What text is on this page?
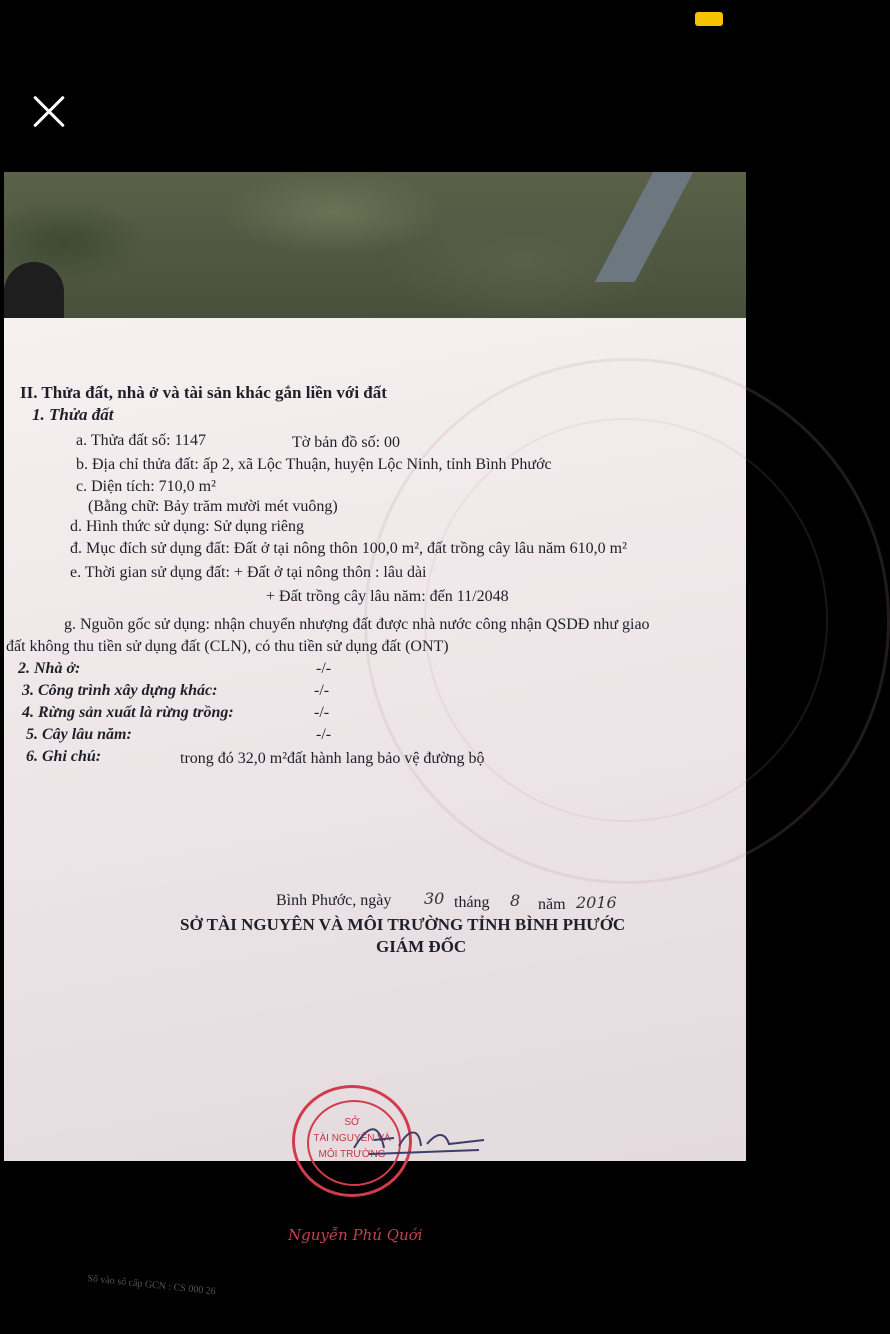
II. Thửa đất, nhà ở và tài sản khác gắn liền với đất
1. Thửa đất
a. Thửa đất số: 1147	Tờ bản đồ số: 00
b. Địa chỉ thửa đất: ấp 2, xã Lộc Thuận, huyện Lộc Ninh, tỉnh Bình Phước
c. Diện tích: 710,0 m²
(Bằng chữ: Bảy trăm mười mét vuông)
d. Hình thức sử dụng: Sử dụng riêng
đ. Mục đích sử dụng đất: Đất ở tại nông thôn 100,0 m², đất trồng cây lâu năm 610,0 m²
e. Thời gian sử dụng đất: + Đất ở tại nông thôn : lâu dài
+ Đất trồng cây lâu năm: đến 11/2048
g. Nguồn gốc sử dụng: nhận chuyển nhượng đất được nhà nước công nhận QSDĐ như giao
đất không thu tiền sử dụng đất (CLN), có thu tiền sử dụng đất (ONT)
2. Nhà ở:	-/-
3. Công trình xây dựng khác:	-/-
4. Rừng sản xuất là rừng trồng:	-/-
5. Cây lâu năm:	-/-
6. Ghi chú:	trong đó 32,0 m²đất hành lang bảo vệ đường bộ
Bình Phước, ngày 30 tháng 8 năm 2016
SỞ TÀI NGUYÊN VÀ MÔI TRƯỜNG TỈNH BÌNH PHƯỚC
GIÁM ĐỐC
SỞ
TÀI NGUYÊN VÀ
MÔI TRƯỜNG
Nguyễn Phú Quới
Số vào sổ cấp GCN : CS 000 26
